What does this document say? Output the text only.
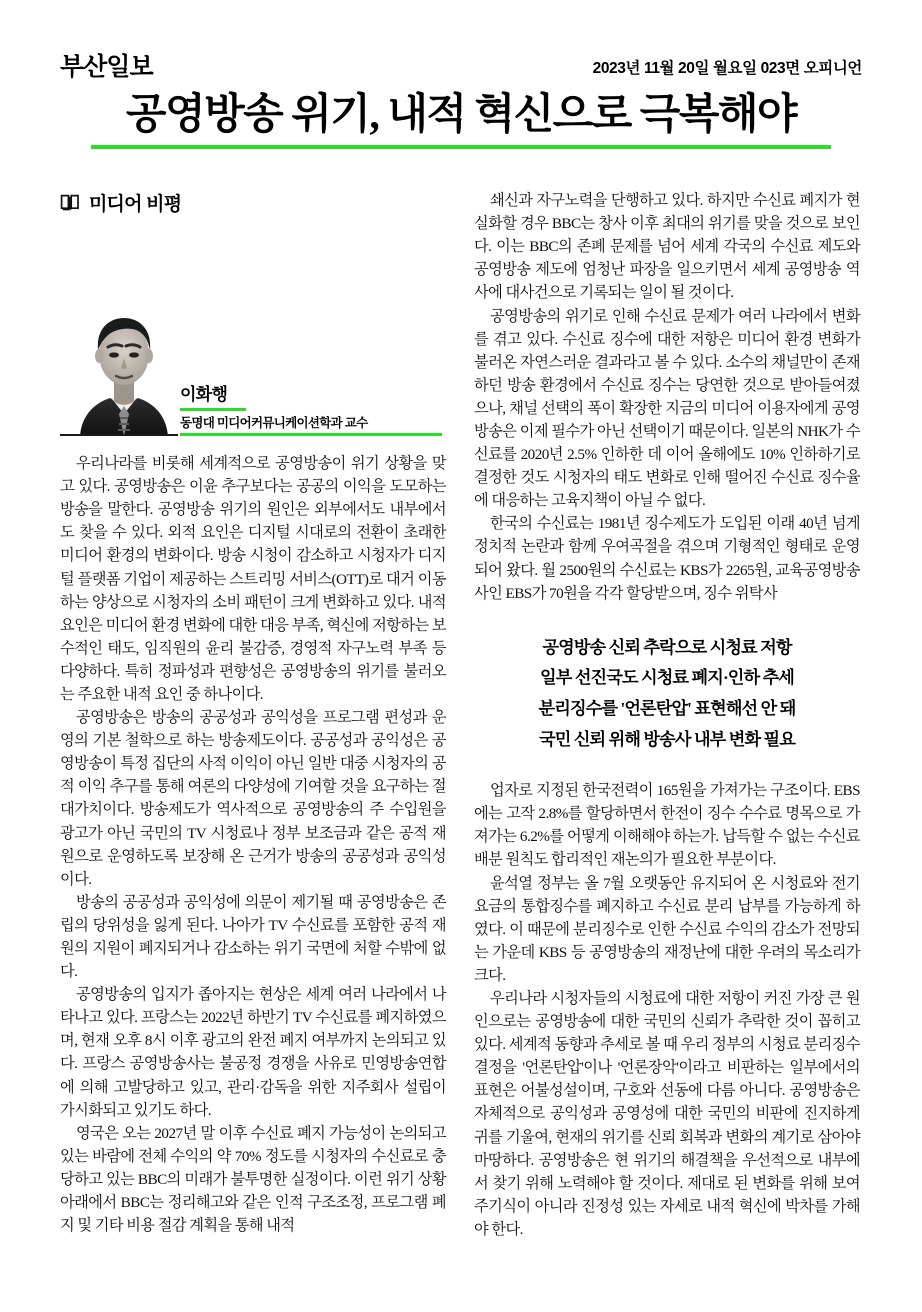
부산일보	2023년 11월 20일 월요일 023면 오피니언
공영방송 위기, 내적 혁신으로 극복해야
미디어 비평
이화행
동명대 미디어커뮤니케이션학과 교수

우리나라를 비롯해 세계적으로 공영방송이 위기 상황을 맞고 있다. 공영방송은 이윤 추구보다는 공공의 이익을 도모하는 방송을 말한다. 공영방송 위기의 원인은 외부에서도 내부에서도 찾을 수 있다. 외적 요인은 디지털 시대로의 전환이 초래한 미디어 환경의 변화이다. 방송 시청이 감소하고 시청자가 디지털 플랫폼 기업이 제공하는 스트리밍 서비스(OTT)로 대거 이동하는 양상으로 시청자의 소비 패턴이 크게 변화하고 있다. 내적 요인은 미디어 환경 변화에 대한 대응 부족, 혁신에 저항하는 보수적인 태도, 임직원의 윤리 불감증, 경영적 자구노력 부족 등 다양하다. 특히 정파성과 편향성은 공영방송의 위기를 불러오는 주요한 내적 요인 중 하나이다.

공영방송은 방송의 공공성과 공익성을 프로그램 편성과 운영의 기본 철학으로 하는 방송제도이다. 공공성과 공익성은 공영방송이 특정 집단의 사적 이익이 아닌 일반 대중 시청자의 공적 이익 추구를 통해 여론의 다양성에 기여할 것을 요구하는 절대가치이다. 방송제도가 역사적으로 공영방송의 주 수입원을 광고가 아닌 국민의 TV 시청료나 정부 보조금과 같은 공적 재원으로 운영하도록 보장해 온 근거가 방송의 공공성과 공익성이다.

방송의 공공성과 공익성에 의문이 제기될 때 공영방송은 존립의 당위성을 잃게 된다. 나아가 TV 수신료를 포함한 공적 재원의 지원이 폐지되거나 감소하는 위기 국면에 처할 수밖에 없다.

공영방송의 입지가 좁아지는 현상은 세계 여러 나라에서 나타나고 있다. 프랑스는 2022년 하반기 TV 수신료를 폐지하였으며, 현재 오후 8시 이후 광고의 완전 폐지 여부까지 논의되고 있다. 프랑스 공영방송사는 불공정 경쟁을 사유로 민영방송연합에 의해 고발당하고 있고, 관리·감독을 위한 지주회사 설립이 가시화되고 있기도 하다.

영국은 오는 2027년 말 이후 수신료 폐지 가능성이 논의되고 있는 바람에 전체 수익의 약 70% 정도를 시청자의 수신료로 충당하고 있는 BBC의 미래가 불투명한 실정이다. 이런 위기 상황 아래에서 BBC는 정리해고와 같은 인적 구조조정, 프로그램 폐지 및 기타 비용 절감 계획을 통해 내적

쇄신과 자구노력을 단행하고 있다. 하지만 수신료 폐지가 현실화할 경우 BBC는 창사 이후 최대의 위기를 맞을 것으로 보인다. 이는 BBC의 존폐 문제를 넘어 세계 각국의 수신료 제도와 공영방송 제도에 엄청난 파장을 일으키면서 세계 공영방송 역사에 대사건으로 기록되는 일이 될 것이다.

공영방송의 위기로 인해 수신료 문제가 여러 나라에서 변화를 겪고 있다. 수신료 징수에 대한 저항은 미디어 환경 변화가 불러온 자연스러운 결과라고 볼 수 있다. 소수의 채널만이 존재하던 방송 환경에서 수신료 징수는 당연한 것으로 받아들여졌으나, 채널 선택의 폭이 확장한 지금의 미디어 이용자에게 공영방송은 이제 필수가 아닌 선택이기 때문이다. 일본의 NHK가 수신료를 2020년 2.5% 인하한 데 이어 올해에도 10% 인하하기로 결정한 것도 시청자의 태도 변화로 인해 떨어진 수신료 징수율에 대응하는 고육지책이 아닐 수 없다.

한국의 수신료는 1981년 징수제도가 도입된 이래 40년 넘게 정치적 논란과 함께 우여곡절을 겪으며 기형적인 형태로 운영되어 왔다. 월 2500원의 수신료는 KBS가 2265원, 교육공영방송사인 EBS가 70원을 각각 할당받으며, 징수 위탁사

공영방송 신뢰 추락으로 시청료 저항
일부 선진국도 시청료 폐지·인하 추세
분리징수를 '언론탄압' 표현해선 안 돼
국민 신뢰 위해 방송사 내부 변화 필요

업자로 지정된 한국전력이 165원을 가져가는 구조이다. EBS에는 고작 2.8%를 할당하면서 한전이 징수 수수료 명목으로 가져가는 6.2%를 어떻게 이해해야 하는가. 납득할 수 없는 수신료 배분 원칙도 합리적인 재논의가 필요한 부분이다.

윤석열 정부는 올 7월 오랫동안 유지되어 온 시청료와 전기요금의 통합징수를 폐지하고 수신료 분리 납부를 가능하게 하였다. 이 때문에 분리징수로 인한 수신료 수익의 감소가 전망되는 가운데 KBS 등 공영방송의 재정난에 대한 우려의 목소리가 크다.

우리나라 시청자들의 시청료에 대한 저항이 커진 가장 큰 원인으로는 공영방송에 대한 국민의 신뢰가 추락한 것이 꼽히고 있다. 세계적 동향과 추세로 볼 때 우리 정부의 시청료 분리징수 결정을 '언론탄압'이나 '언론장악'이라고 비판하는 일부에서의 표현은 어불성설이며, 구호와 선동에 다름 아니다. 공영방송은 자체적으로 공익성과 공영성에 대한 국민의 비판에 진지하게 귀를 기울여, 현재의 위기를 신뢰 회복과 변화의 계기로 삼아야 마땅하다. 공영방송은 현 위기의 해결책을 우선적으로 내부에서 찾기 위해 노력해야 할 것이다. 제대로 된 변화를 위해 보여 주기식이 아니라 진정성 있는 자세로 내적 혁신에 박차를 가해야 한다.
